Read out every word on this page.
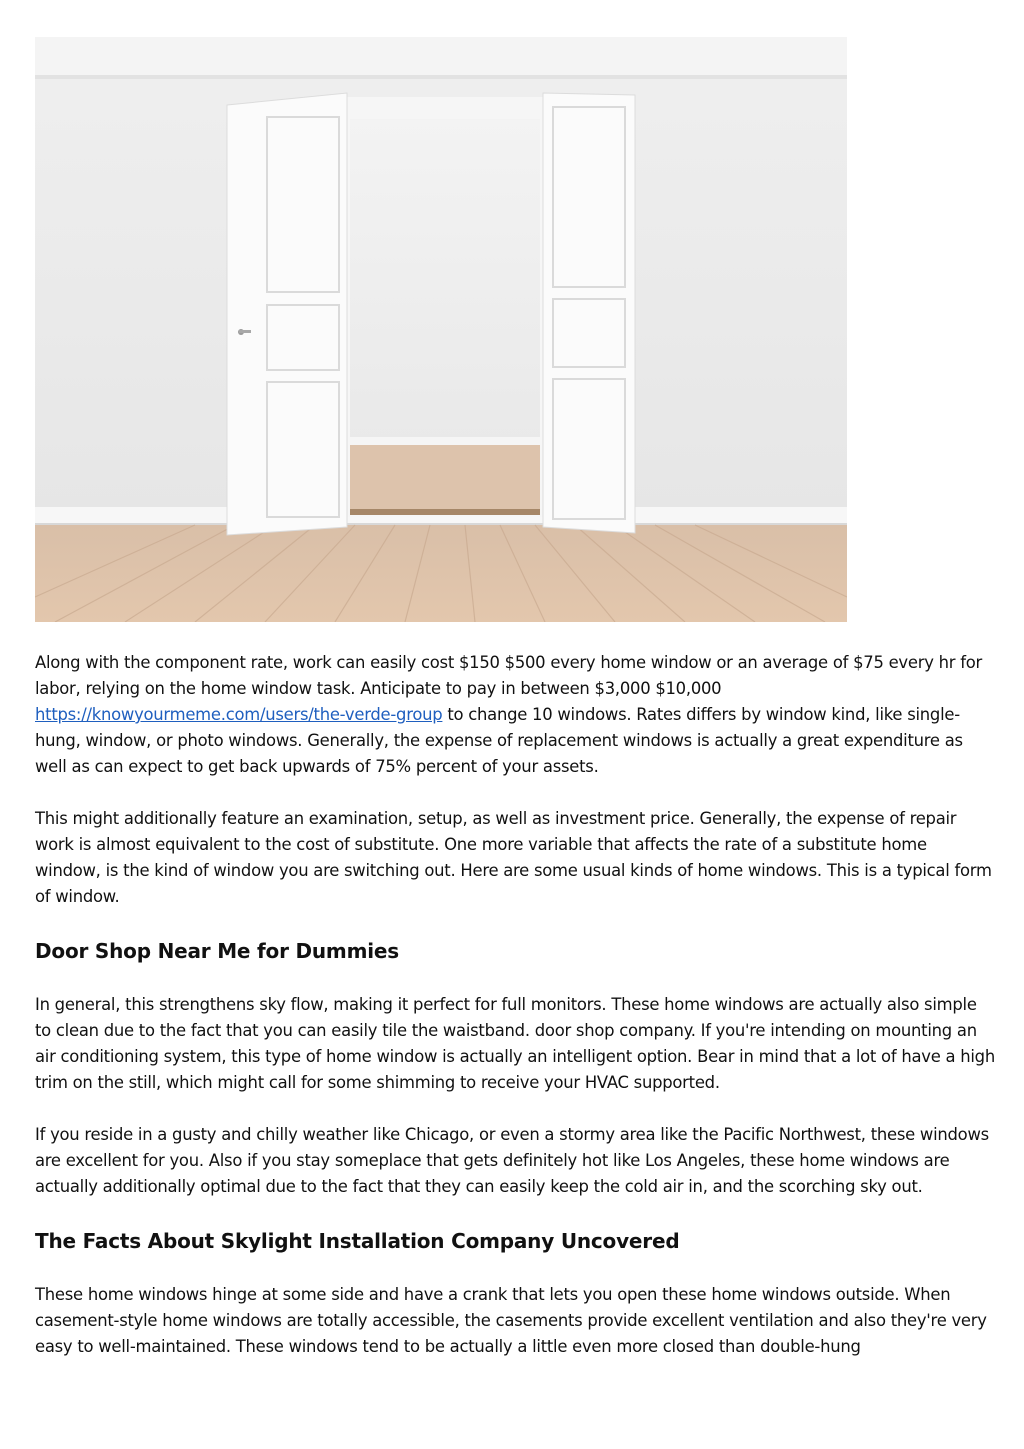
Along with the component rate, work can easily cost $150 $500 every home window or an average of $75 every hr for labor, relying on the home window task. Anticipate to pay in between $3,000 $10,000 https://knowyourmeme.com/users/the-verde-group to change 10 windows. Rates differs by window kind, like single-hung, window, or photo windows. Generally, the expense of replacement windows is actually a great expenditure as well as can expect to get back upwards of 75% percent of your assets.

This might additionally feature an examination, setup, as well as investment price. Generally, the expense of repair work is almost equivalent to the cost of substitute. One more variable that affects the rate of a substitute home window, is the kind of window you are switching out. Here are some usual kinds of home windows. This is a typical form of window.

Door Shop Near Me for Dummies

In general, this strengthens sky flow, making it perfect for full monitors. These home windows are actually also simple to clean due to the fact that you can easily tile the waistband. door shop company. If you're intending on mounting an air conditioning system, this type of home window is actually an intelligent option. Bear in mind that a lot of have a high trim on the still, which might call for some shimming to receive your HVAC supported.

If you reside in a gusty and chilly weather like Chicago, or even a stormy area like the Pacific Northwest, these windows are excellent for you. Also if you stay someplace that gets definitely hot like Los Angeles, these home windows are actually additionally optimal due to the fact that they can easily keep the cold air in, and the scorching sky out.

The Facts About Skylight Installation Company Uncovered

These home windows hinge at some side and have a crank that lets you open these home windows outside. When casement-style home windows are totally accessible, the casements provide excellent ventilation and also they're very easy to well-maintained. These windows tend to be actually a little even more closed than double-hung
